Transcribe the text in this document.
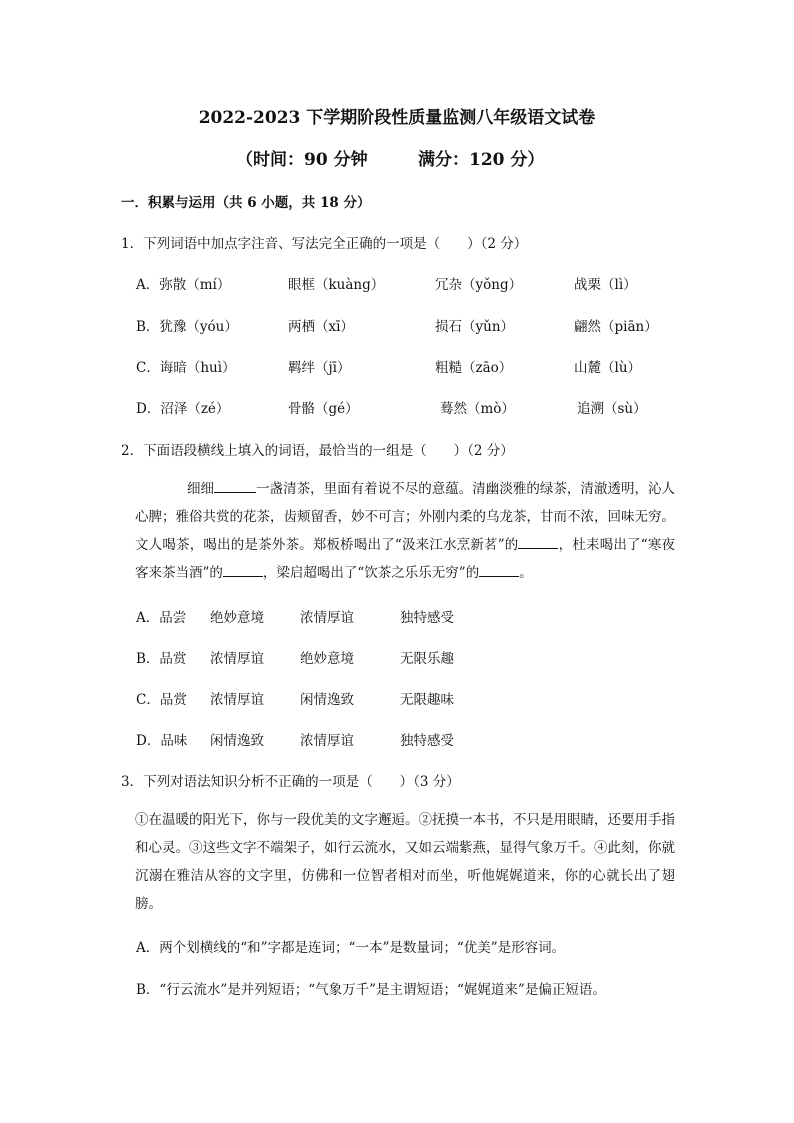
2022-2023 下学期阶段性质量监测八年级语文试卷
（时间：90 分钟	满分：120 分）
一．积累与运用（共 6 小题，共 18 分）
1．下列词语中加点字注音、写法完全正确的一项是（　　）（2 分）
A．弥散（mí）	眼框（kuàng）	冗杂（yǒng）	战栗（lì）
B．犹豫（yóu）	两栖（xī）	损石（yǔn）	翩然（piān）
C．诲暗（huì）	羁绊（jī）	粗糙（zāo）	山麓（lù）
D．沼泽（zé）	骨骼（gé）	蓦然（mò）	追溯（sù）
2．下面语段横线上填入的词语，最恰当的一组是（　　）（2 分）
细细	一盏清茶，里面有着说不尽的意蕴。清幽淡雅的绿茶，清澈透明，沁人心脾；雅俗共赏的花茶，齿颊留香，妙不可言；外刚内柔的乌龙茶，甘而不浓，回味无穷。文人喝茶，喝出的是茶外茶。郑板桥喝出了“汲来江水烹新茗”的	，杜耒喝出了“寒夜客来茶当酒”的	，梁启超喝出了“饮茶之乐乐无穷”的	。
A．品尝 绝妙意境	浓情厚谊	独特感受
B．品赏 浓情厚谊	绝妙意境	无限乐趣
C．品赏 浓情厚谊	闲情逸致	无限趣味
D．品味 闲情逸致	浓情厚谊	独特感受
3．下列对语法知识分析不正确的一项是（　　）（3 分）
①在温暖的阳光下，你与一段优美的文字邂逅。②抚摸一本书，不只是用眼睛，还要用手指和心灵。③这些文字不端架子，如行云流水，又如云端紫燕，显得气象万千。④此刻，你就沉溺在雅洁从容的文字里，仿佛和一位智者相对而坐，听他娓娓道来，你的心就长出了翅膀。
A．两个划横线的“和”字都是连词；“一本”是数量词；“优美”是形容词。
B．“行云流水”是并列短语；“气象万千”是主谓短语；“娓娓道来”是偏正短语。
